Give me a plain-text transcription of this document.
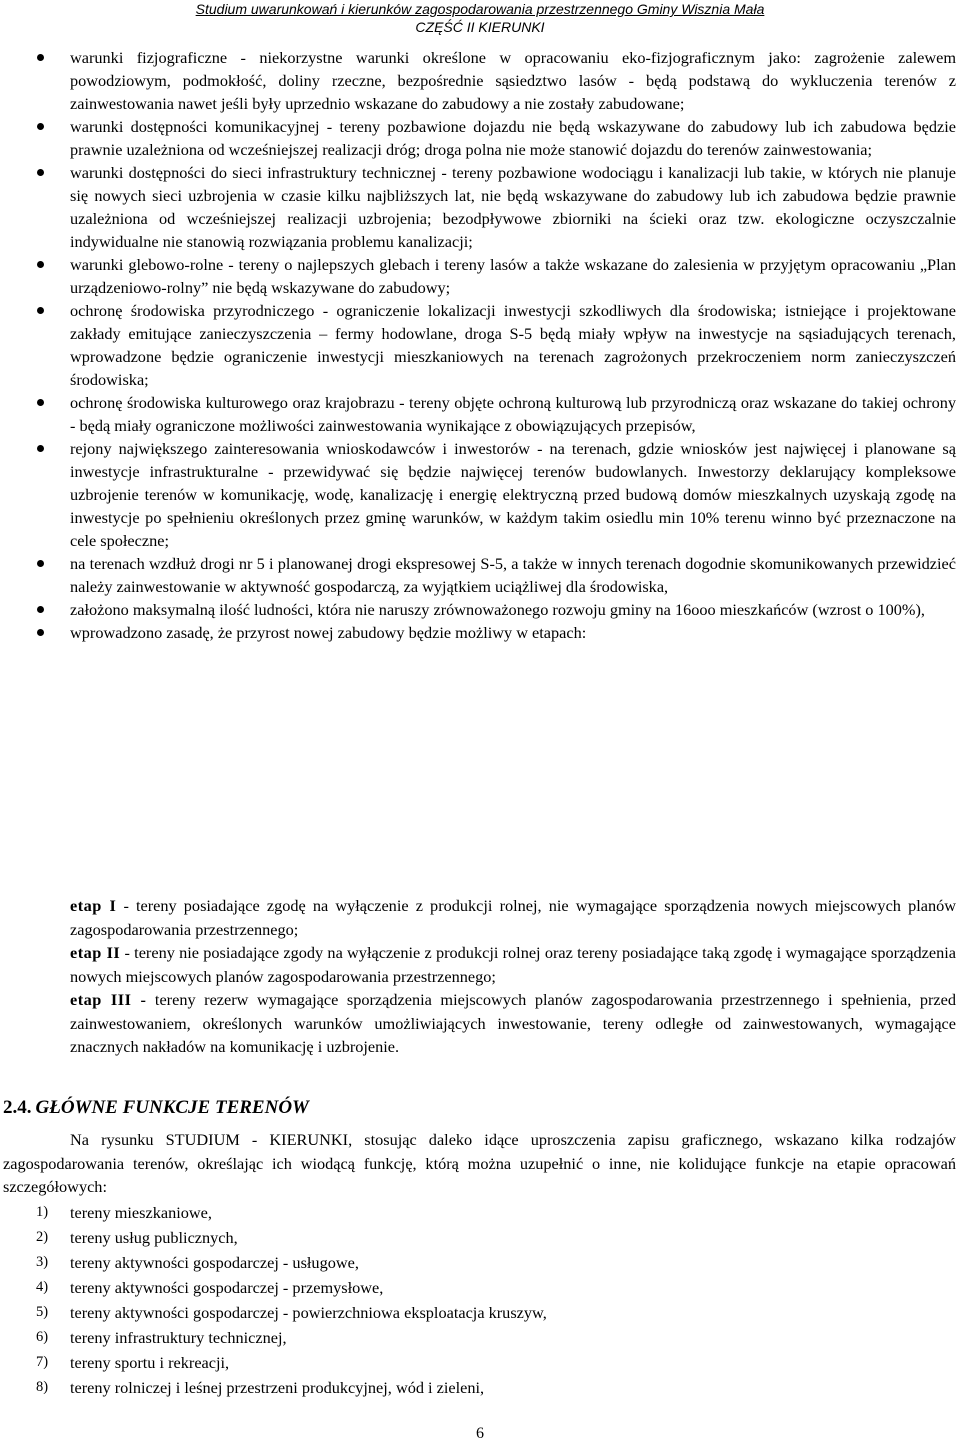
Studium uwarunkowań i kierunków zagospodarowania przestrzennego Gminy Wisznia Mała
CZĘŚĆ II KIERUNKI
warunki fizjograficzne - niekorzystne warunki określone w opracowaniu eko-fizjograficznym jako: zagrożenie zalewem powodziowym, podmokłość, doliny rzeczne, bezpośrednie sąsiedztwo lasów - będą podstawą do wykluczenia terenów z zainwestowania nawet jeśli były uprzednio wskazane do zabudowy a nie zostały zabudowane;
warunki dostępności komunikacyjnej - tereny pozbawione dojazdu nie będą wskazywane do zabudowy lub ich zabudowa będzie prawnie uzależniona od wcześniejszej realizacji dróg; droga polna nie może stanowić dojazdu do terenów zainwestowania;
warunki dostępności do sieci infrastruktury technicznej - tereny pozbawione wodociągu i kanalizacji lub takie, w których nie planuje się nowych sieci uzbrojenia w czasie kilku najbliższych lat, nie będą wskazywane do zabudowy lub ich zabudowa będzie prawnie uzależniona od wcześniejszej realizacji uzbrojenia; bezodpływowe zbiorniki na ścieki oraz tzw. ekologiczne oczyszczalnie indywidualne nie stanowią rozwiązania problemu kanalizacji;
warunki glebowo-rolne - tereny o najlepszych glebach i tereny lasów a także wskazane do zalesienia w przyjętym opracowaniu „Plan urządzeniowo-rolny” nie będą wskazywane do zabudowy;
ochronę środowiska przyrodniczego - ograniczenie lokalizacji inwestycji szkodliwych dla środowiska; istniejące i projektowane zakłady emitujące zanieczyszczenia – fermy hodowlane, droga S-5 będą miały wpływ na inwestycje na sąsiadujących terenach, wprowadzone będzie ograniczenie inwestycji mieszkaniowych na terenach zagrożonych przekroczeniem norm zanieczyszczeń środowiska;
ochronę środowiska kulturowego oraz krajobrazu - tereny objęte ochroną kulturową lub przyrodniczą oraz wskazane do takiej ochrony - będą miały ograniczone możliwości zainwestowania wynikające z obowiązujących przepisów,
rejony największego zainteresowania wnioskodawców i inwestorów - na terenach, gdzie wniosków jest najwięcej i planowane są inwestycje infrastrukturalne - przewidywać się będzie najwięcej terenów budowlanych. Inwestorzy deklarujący kompleksowe uzbrojenie terenów w komunikację, wodę, kanalizację i energię elektryczną przed budową domów mieszkalnych uzyskają zgodę na inwestycje po spełnieniu określonych przez gminę warunków, w każdym takim osiedlu min 10% terenu winno być przeznaczone na cele społeczne;
na terenach wzdłuż drogi nr 5 i planowanej drogi ekspresowej S-5, a także w innych terenach dogodnie skomunikowanych przewidzieć należy zainwestowanie w aktywność gospodarczą, za wyjątkiem uciążliwej dla środowiska,
założono maksymalną ilość ludności, która nie naruszy zrównoważonego rozwoju gminy na 16ooo mieszkańców (wzrost o 100%),
wprowadzono zasadę, że przyrost nowej zabudowy będzie możliwy w etapach:

etap I - tereny posiadające zgodę na wyłączenie z produkcji rolnej, nie wymagające sporządzenia nowych miejscowych planów zagospodarowania przestrzennego;

etap II - tereny nie posiadające zgody na wyłączenie z produkcji rolnej oraz tereny posiadające taką zgodę i wymagające sporządzenia nowych miejscowych planów zagospodarowania przestrzennego;

etap III - tereny rezerw wymagające sporządzenia miejscowych planów zagospodarowania przestrzennego i spełnienia, przed zainwestowaniem, określonych warunków umożliwiających inwestowanie, tereny odległe od zainwestowanych, wymagające znacznych nakładów na komunikację i uzbrojenie.

2.4. GŁÓWNE FUNKCJE TERENÓW

Na rysunku STUDIUM - KIERUNKI, stosując daleko idące uproszczenia zapisu graficznego, wskazano kilka rodzajów zagospodarowania terenów, określając ich wiodącą funkcję, którą można uzupełnić o inne, nie kolidujące funkcje na etapie opracowań szczegółowych:

1)	tereny mieszkaniowe,
2)	tereny usług publicznych,
3)	tereny aktywności gospodarczej - usługowe,
4)	tereny aktywności gospodarczej - przemysłowe,
5)	tereny aktywności gospodarczej - powierzchniowa eksploatacja kruszyw,
6)	tereny infrastruktury technicznej,
7)	tereny sportu i rekreacji,
8)	tereny rolniczej i leśnej przestrzeni produkcyjnej, wód i zieleni,
6
